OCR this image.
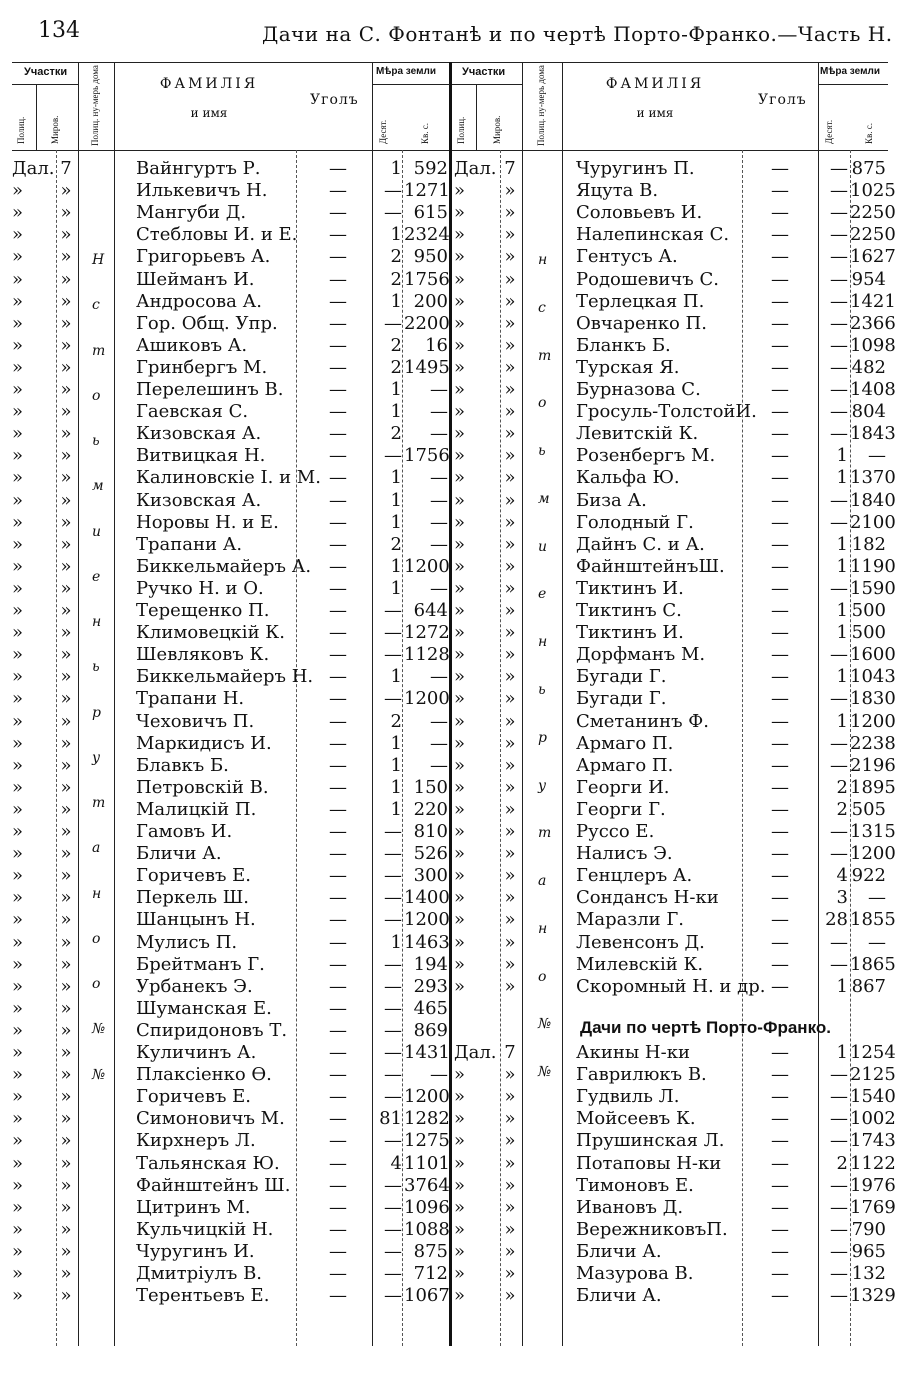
134	Дачи на С. Фонтанѣ и по чертѣ Порто-Франко.—Часть Н.
Участки
Полиц.	Миров.	Полиц. ну-мерь дома	ФАМИЛІЯ
и имя
Уголъ
Мѣра земли
Десят.	Кв. с.
Дал. 7	Вайнгуртъ Р.	—	1 592
»	»	Илькевичъ Н.	—	— 1271
»	»	Мангуби Д.	—	— 615
»	»	Стебловы И. и Е.	—	1 2324
»	»	Григорьевъ А.	—	2 950
»	»	Шейманъ И.	—	2 1756
»	»	Андросова А.	—	1 200
»	»	Гор. Общ. Упр.	—	— 2200
»	»	Ашиковъ А.	—	2	16
»	»	Гринбергъ М.	—	2 1495
»	»	Перелешинъ В.	—	1	—
»	»	Гаевская С.	—	1	—
»	»	Кизовская А.	—	2	—
»	»	Витвицкая Н.	—	— 1756
»	»	Калиновскіе І. и М. —	1	—
»	»	Кизовская А.	—	1	—
»	»	Норовы Н. и Е.	—	1	—
»	»	Трапани А.	—	2	—
»	»	Биккельмайеръ А. —	1 1200
»	»	Ручко Н. и О.	—	1	—
»	»	Терещенко П.	—	— 644
»	»	Климовецкій К.	—	— 1272
»	»	Шевляковъ К.	—	— 1128
»	»	Биккельмайеръ Н. —	1	—
»	»	Трапани Н.	—	— 1200
»	»	Чеховичъ П.	—	2	—
»	»	Маркидисъ И.	—	1	—
»	»	Блавкъ Б.	—	1	—
»	»	Петровскій В.	—	1 150
»	»	Малицкій П.	—	1 220
»	»	Гамовъ И.	—	— 810
»	»	Бличи А.	—	— 526
»	»	Горичевъ Е.	—	— 300
»	»	Перкель Ш.	—	— 1400
»	»	Шанцынъ Н.	—	— 1200
»	»	Мулисъ П.	—	1 1463
»	»	Брейтманъ Г.	—	— 194
»	»	Урбанекъ Э.	—	— 293
»	»	Шуманская Е.	—	— 465
»	»	Спиридоновъ Т.	—	— 869
»	»	Куличинъ А.	—	— 1431
»	»	Плаксіенко Ѳ.	—	—	—
»	»	Горичевъ Е.	—	— 1200
»	»	Симоновичъ М.	—	81 1282
»	»	Кирхнеръ Л.	—	— 1275
»	»	Тальянская Ю.	—	4 1101
»	»	Файнштейнъ Ш.	—	— 3764
»	»	Цитринъ М.	—	— 1096
»	»	Кульчицкій Н.	—	— 1088
»	»	Чуругинъ И.	—	— 875
»	»	Дмитріулъ В.	—	— 712
»	»	Терентьевъ Е.	—	— 1067
Н
с
т
о
ь
м
и
е
н
ь
р
у
т
а
н
о
о
№
№
Участки
Полиц.	Миров.	Полиц. ну-мерь дома	ФАМИЛІЯ
и имя
Уголъ
Мѣра земли
Десят.	Кв. с.
Дал. 7	Чуругинъ П.	—	— 875
»	»	Яцута В.	—	— 1025
»	»	Соловьевъ И.	—	— 2250
»	»	Налепинская С.	—	— 2250
»	»	Гентусъ А.	—	— 1627
»	»	Родошевичъ С.	—	— 954
»	»	Терлецкая П.	—	— 1421
»	»	Овчаренко П.	—	— 2366
»	»	Бланкъ Б.	—	— 1098
»	»	Турская Я.	—	— 482
»	»	Бурназова С.	—	— 1408
»	»	Гросуль-ТолстойИ. —	— 804
»	»	Левитскій К.	—	— 1843
»	»	Розенбергъ М.	—	1	—
»	»	Кальфа Ю.	—	1 1370
»	»	Биза А.	—	— 1840
»	»	Голодный Г.	—	— 2100
»	»	Дайнъ С. и А.	—	1 182
»	»	ФайнштейнъШ.	—	1 1190
»	»	Тиктинъ И.	—	— 1590
»	»	Тиктинъ С.	—	1 500
»	»	Тиктинъ И.	—	1 500
»	»	Дорфманъ М.	—	— 1600
»	»	Бугади Г.	—	1 1043
»	»	Бугади Г.	—	— 1830
»	»	Сметанинъ Ф.	—	1 1200
»	»	Армаго П.	—	— 2238
»	»	Армаго П.	—	— 2196
»	»	Георги И.	—	2 1895
»	»	Георги Г.	—	2 505
»	»	Руссо Е.	—	— 1315
»	»	Налисъ Э.	—	— 1200
»	»	Генцлеръ А.	—	4 922
»	»	Сондансъ Н-ки	—	3	—
»	»	Маразли Г.	—	28 1855
»	»	Левенсонъ Д.	—	—	—
»	»	Милевскій К.	—	— 1865
»	»	Скоромный Н. и др. —	1 867
Дал. 7	Акины Н-ки	—	1 1254
»	»	Гаврилюкъ В.	—	— 2125
»	»	Гудвиль Л.	—	— 1540
»	»	Мойсеевъ К.	—	— 1002
»	»	Прушинская Л.	—	— 1743
»	»	Потаповы Н-ки	—	2 1122
»	»	Тимоновъ Е.	—	— 1976
»	»	Ивановъ Д.	—	— 1769
»	»	ВережниковъП.	—	— 790
»	»	Бличи А.	—	— 965
»	»	Мазурова В.	—	— 132
»	»	Бличи А.	—	— 1329
н
с
т
о
ь
м
и
е
н
ь
р
у
т
а
н
о
№
№
Дачи по чертѣ Порто-Франко.
